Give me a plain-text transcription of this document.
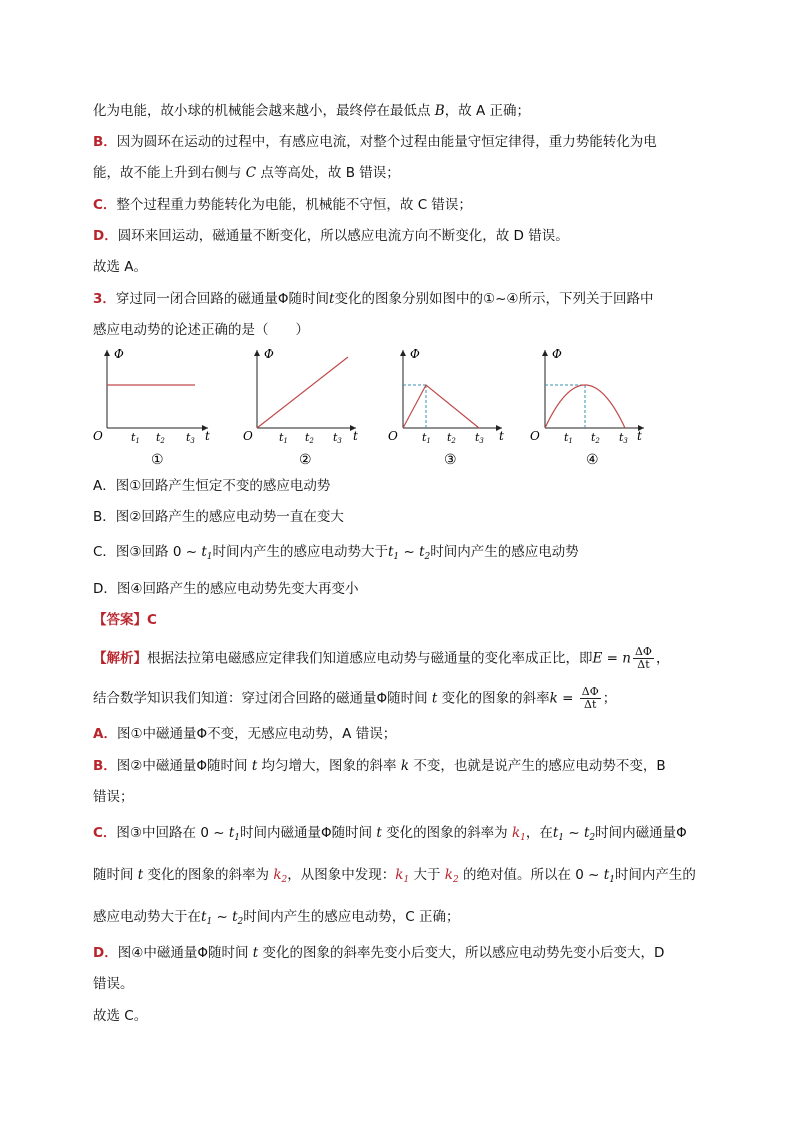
化为电能，故小球的机械能会越来越小，最终停在最低点 B，故 A 正确；
B．因为圆环在运动的过程中，有感应电流，对整个过程由能量守恒定律得，重力势能转化为电
能，故不能上升到右侧与 C 点等高处，故 B 错误；
C．整个过程重力势能转化为电能，机械能不守恒，故 C 错误；
D．圆环来回运动，磁通量不断变化，所以感应电流方向不断变化，故 D 错误。
故选 A。
3．穿过同一闭合回路的磁通量Φ随时间t变化的图象分别如图中的①~④所示，下列关于回路中
感应电动势的论述正确的是（　　）
Φ
O	t
t1 t2 t3
①
Φ
O	t
t1 t2 t3
②
Φ
O	t
t1 t2 t3
③
Φ
O	t
t1 t2 t3
④
A．图①回路产生恒定不变的感应电动势
B．图②回路产生的感应电动势一直在变大
C．图③回路 0 ~ $t_1$时间内产生的感应电动势大于$t_1$ ~ $t_2$时间内产生的感应电动势
D．图④回路产生的感应电动势先变大再变小
【答案】C
【解析】根据法拉第电磁感应定律我们知道感应电动势与磁通量的变化率成正比，即E = n $\frac{\Delta\Phi}{\Delta t}$ ，
结合数学知识我们知道：穿过闭合回路的磁通量Φ随时间 t 变化的图象的斜率$k = \frac{\Delta\Phi}{\Delta t}$ ；
A．图①中磁通量Φ不变，无感应电动势，A 错误；
B．图②中磁通量Φ随时间 t 均匀增大，图象的斜率 k 不变，也就是说产生的感应电动势不变，B
错误；
C．图③中回路在 0 ~ $t_1$时间内磁通量Φ随时间 t 变化的图象的斜率为 $k_1$，在$t_1$ ~ $t_2$时间内磁通量Φ
随时间 t 变化的图象的斜率为 $k_2$，从图象中发现：$k_1$ 大于 $k_2$ 的绝对值。所以在 0 ~ $t_1$时间内产生的
感应电动势大于在$t_1$ ~ $t_2$时间内产生的感应电动势，C 正确；
D．图④中磁通量Φ随时间 t 变化的图象的斜率先变小后变大，所以感应电动势先变小后变大，D
错误。
故选 C。
